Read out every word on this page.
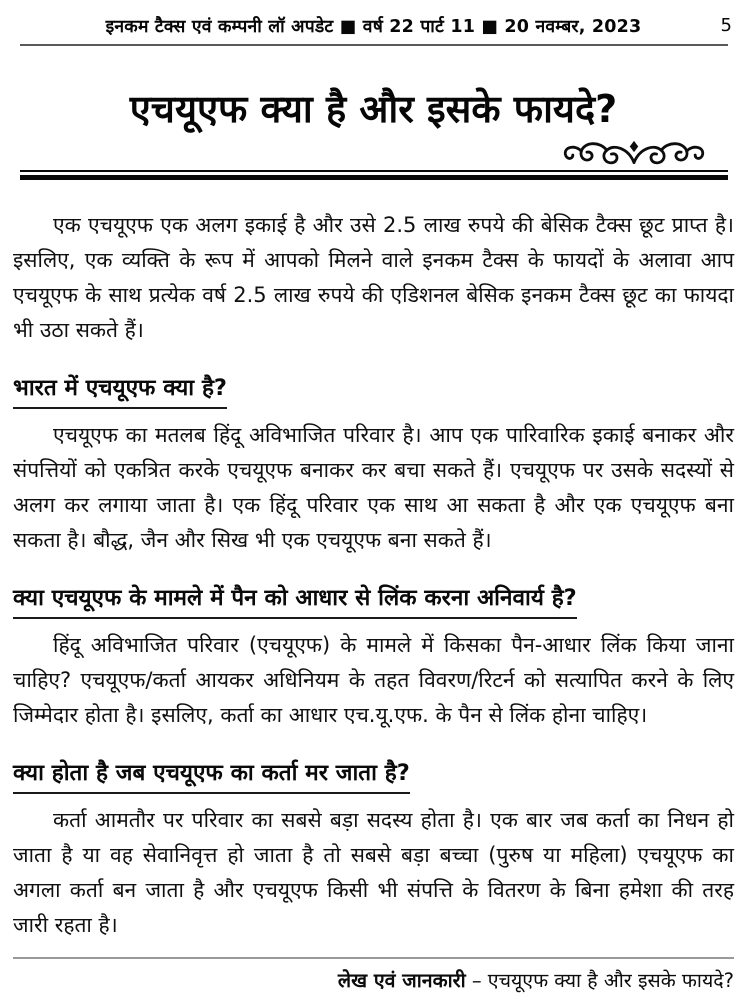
इनकम टैक्स एवं कम्पनी लॉ अपडेट ■ वर्ष 22 पार्ट 11 ■ 20 नवम्बर, 2023	5
एचयूएफ क्या है और इसके फायदे?

एक एचयूएफ एक अलग इकाई है और उसे 2.5 लाख रुपये की बेसिक टैक्स छूट प्राप्त है। इसलिए, एक व्यक्ति के रूप में आपको मिलने वाले इनकम टैक्स के फायदों के अलावा आप एचयूएफ के साथ प्रत्येक वर्ष 2.5 लाख रुपये की एडिशनल बेसिक इनकम टैक्स छूट का फायदा भी उठा सकते हैं।

भारत में एचयूएफ क्या है?

एचयूएफ का मतलब हिंदू अविभाजित परिवार है। आप एक पारिवारिक इकाई बनाकर और संपत्तियों को एकत्रित करके एचयूएफ बनाकर कर बचा सकते हैं। एचयूएफ पर उसके सदस्यों से अलग कर लगाया जाता है। एक हिंदू परिवार एक साथ आ सकता है और एक एचयूएफ बना सकता है। बौद्ध, जैन और सिख भी एक एचयूएफ बना सकते हैं।

क्या एचयूएफ के मामले में पैन को आधार से लिंक करना अनिवार्य है?

हिंदू अविभाजित परिवार (एचयूएफ) के मामले में किसका पैन-आधार लिंक किया जाना चाहिए? एचयूएफ/कर्ता आयकर अधिनियम के तहत विवरण/रिटर्न को सत्यापित करने के लिए जिम्मेदार होता है। इसलिए, कर्ता का आधार एच.यू.एफ. के पैन से लिंक होना चाहिए।

क्या होता है जब एचयूएफ का कर्ता मर जाता है?

कर्ता आमतौर पर परिवार का सबसे बड़ा सदस्य होता है। एक बार जब कर्ता का निधन हो जाता है या वह सेवानिवृत्त हो जाता है तो सबसे बड़ा बच्चा (पुरुष या महिला) एचयूएफ का अगला कर्ता बन जाता है और एचयूएफ किसी भी संपत्ति के वितरण के बिना हमेशा की तरह जारी रहता है।

लेख एवं जानकारी – एचयूएफ क्या है और इसके फायदे?
